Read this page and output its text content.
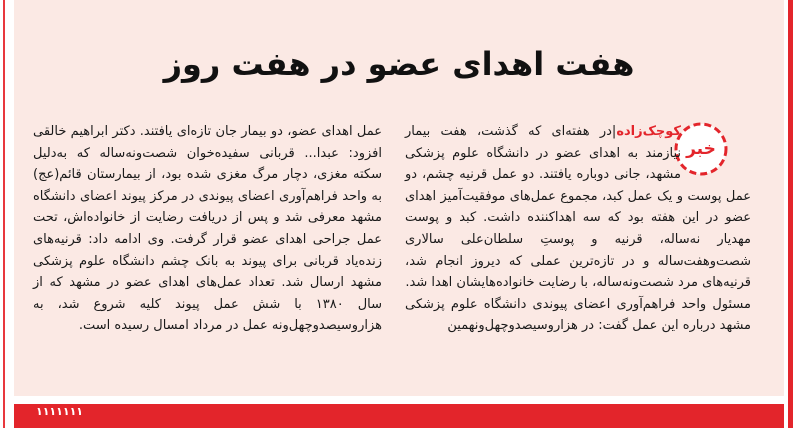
هفت اهدای عضو در هفت روز
خبر

کوچک‌زاده|در هفته‌ای که گذشت، هفت بیمار نیازمند به اهدای عضو در دانشگاه علوم پزشکی مشهد، جانی دوباره یافتند. دو عمل قرنیه چشم، دو عمل پوست و یک عمل کبد، مجموع عمل‌های موفقیت‌آمیز اهدای عضو در این هفته بود که سه اهداکننده داشت. کبد و پوست مهدیار نه‌ساله، قرنیه و پوستِ سلطان‌علی سالاری شصت‌وهفت‌ساله و در تازه‌ترین عملی که دیروز انجام شد، قرنیه‌های مرد شصت‌ونه‌ساله، با رضایت خانواده‌هایشان اهدا شد.

مسئول واحد فراهم‌آوری اعضای پیوندی دانشگاه علوم پزشکی مشهد درباره این عمل گفت: در هزاروسیصدوچهل‌ونهمین

عمل اهدای عضو، دو بیمار جان تازه‌ای یافتند. دکتر ابراهیم خالقی افزود: عبدا... قربانی سفیده‌خوان شصت‌و‌نه‌ساله که به‌دلیل سکته مغزی، دچار مرگ مغزی شده بود، از بیمارستان قائم(عج) به واحد فراهم‌آوری اعضای پیوندی در مرکز پیوند اعضای دانشگاه مشهد معرفی شد و پس از دریافت رضایت از خانواده‌اش، تحت عمل جراحی اهدای عضو قرار گرفت. وی ادامه داد: قرنیه‌های زنده‌یاد قربانی برای پیوند به بانک چشم دانشگاه علوم پزشکی مشهد ارسال شد. تعداد عمل‌های اهدای عضو در مشهد که از سال ۱۳۸۰ با شش عمل پیوند کلیه شروع شد، به هزاروسیصدوچهل‌ونه عمل در مرداد امسال رسیده است.

۱۱۱۱۱۱۱
